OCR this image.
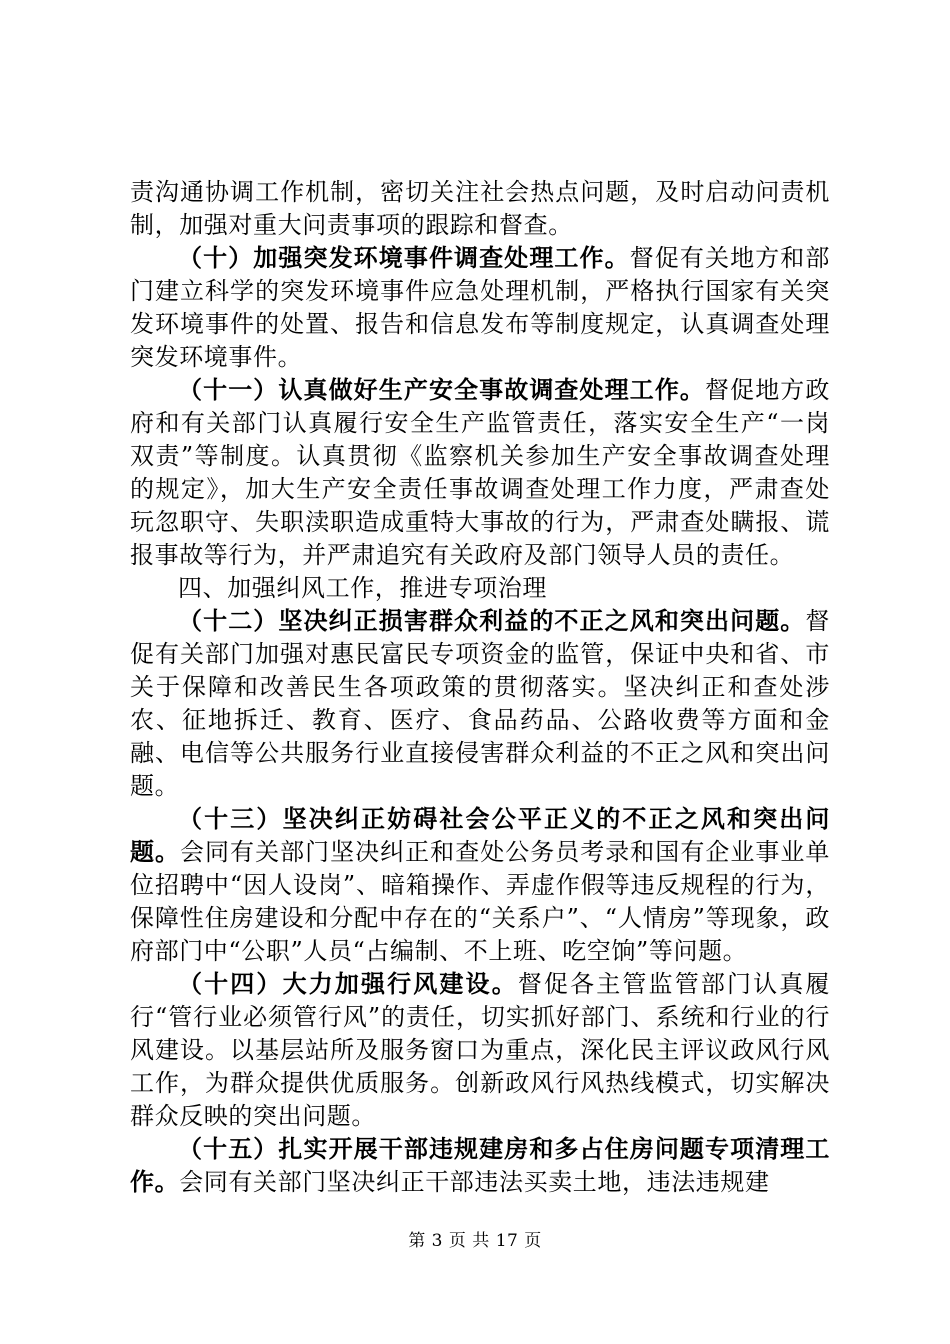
责沟通协调工作机制，密切关注社会热点问题，及时启动问责机制，加强对重大问责事项的跟踪和督查。

（十）加强突发环境事件调查处理工作。督促有关地方和部门建立科学的突发环境事件应急处理机制，严格执行国家有关突发环境事件的处置、报告和信息发布等制度规定，认真调查处理突发环境事件。

（十一）认真做好生产安全事故调查处理工作。督促地方政府和有关部门认真履行安全生产监管责任，落实安全生产“一岗双责”等制度。认真贯彻《监察机关参加生产安全事故调查处理的规定》，加大生产安全责任事故调查处理工作力度，严肃查处玩忽职守、失职渎职造成重特大事故的行为，严肃查处瞒报、谎报事故等行为，并严肃追究有关政府及部门领导人员的责任。

四、加强纠风工作，推进专项治理

（十二）坚决纠正损害群众利益的不正之风和突出问题。督促有关部门加强对惠民富民专项资金的监管，保证中央和省、市关于保障和改善民生各项政策的贯彻落实。坚决纠正和查处涉农、征地拆迁、教育、医疗、食品药品、公路收费等方面和金融、电信等公共服务行业直接侵害群众利益的不正之风和突出问题。

（十三）坚决纠正妨碍社会公平正义的不正之风和突出问题。会同有关部门坚决纠正和查处公务员考录和国有企业事业单位招聘中“因人设岗”、暗箱操作、弄虚作假等违反规程的行为，保障性住房建设和分配中存在的“关系户”、“人情房”等现象，政府部门中“公职”人员“占编制、不上班、吃空饷”等问题。

（十四）大力加强行风建设。督促各主管监管部门认真履行“管行业必须管行风”的责任，切实抓好部门、系统和行业的行风建设。以基层站所及服务窗口为重点，深化民主评议政风行风工作，为群众提供优质服务。创新政风行风热线模式，切实解决群众反映的突出问题。

（十五）扎实开展干部违规建房和多占住房问题专项清理工作。会同有关部门坚决纠正干部违法买卖土地，违法违规建

第 3 页 共 17 页
